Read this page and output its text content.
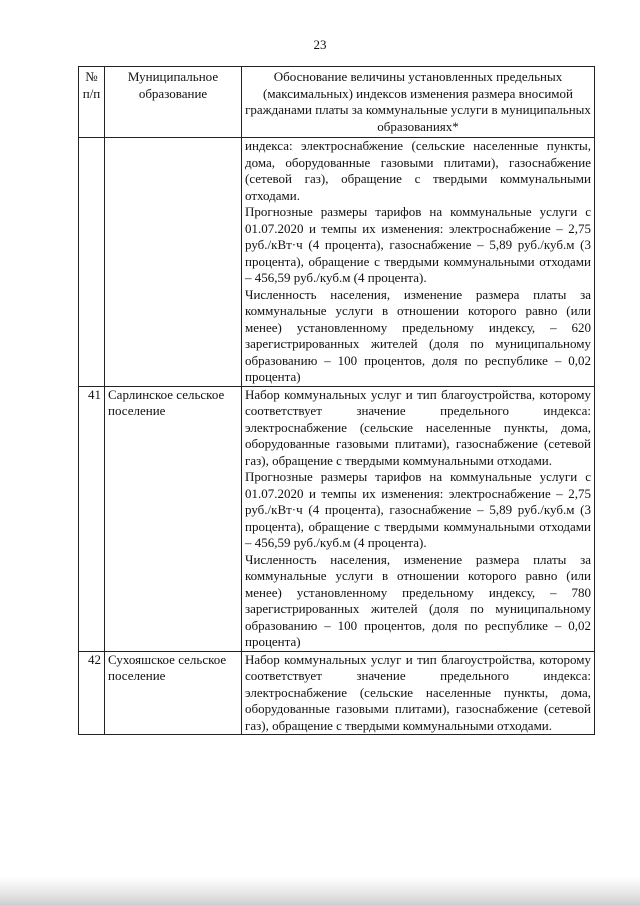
23
№ п/п	Муниципальное образование	Обоснование величины установленных предельных (максимальных) индексов изменения размера вносимой гражданами платы за коммунальные услуги в муниципальных образованиях*

		индекса: электроснабжение (сельские населенные пункты, дома, оборудованные газовыми плитами), газоснабжение (сетевой газ), обращение с твердыми коммунальными отходами.

Прогнозные размеры тарифов на коммунальные услуги с 01.07.2020 и темпы их изменения: электроснабжение – 2,75 руб./кВт·ч (4 процента), газоснабжение – 5,89 руб./куб.м (3 процента), обращение с твердыми коммунальными отходами – 456,59 руб./куб.м (4 процента).

Численность населения, изменение размера платы за коммунальные услуги в отношении которого равно (или менее) установленному предельному индексу, – 620 зарегистрированных жителей (доля по муниципальному образованию – 100 процентов, доля по республике – 0,02 процента)

41	Сарлинское сельское поселение	Набор коммунальных услуг и тип благоустройства, которому соответствует значение предельного индекса: электроснабжение (сельские населенные пункты, дома, оборудованные газовыми плитами), газоснабжение (сетевой газ), обращение с твердыми коммунальными отходами.

Прогнозные размеры тарифов на коммунальные услуги с 01.07.2020 и темпы их изменения: электроснабжение – 2,75 руб./кВт·ч (4 процента), газоснабжение – 5,89 руб./куб.м (3 процента), обращение с твердыми коммунальными отходами – 456,59 руб./куб.м (4 процента).

Численность населения, изменение размера платы за коммунальные услуги в отношении которого равно (или менее) установленному предельному индексу, – 780 зарегистрированных жителей (доля по муниципальному образованию – 100 процентов, доля по республике – 0,02 процента)

42	Сухояшское сельское поселение	Набор коммунальных услуг и тип благоустройства, которому соответствует значение предельного индекса: электроснабжение (сельские населенные пункты, дома, оборудованные газовыми плитами), газоснабжение (сетевой газ), обращение с твердыми коммунальными отходами.
